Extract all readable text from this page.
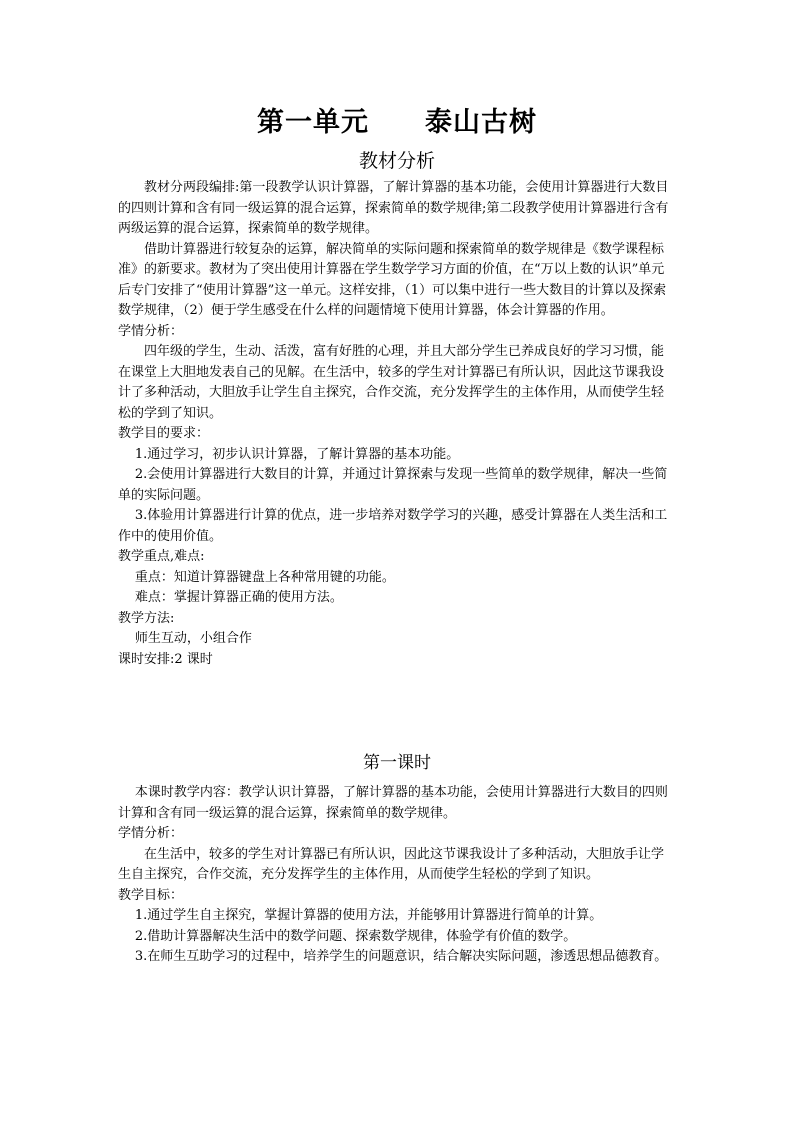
第一单元　　泰山古树
教材分析

教材分两段编排:第一段教学认识计算器，了解计算器的基本功能，会使用计算器进行大数目的四则计算和含有同一级运算的混合运算，探索简单的数学规律;第二段教学使用计算器进行含有两级运算的混合运算，探索简单的数学规律。

借助计算器进行较复杂的运算，解决简单的实际问题和探索简单的数学规律是《数学课程标准》的新要求。教材为了突出使用计算器在学生数学学习方面的价值，在“万以上数的认识”单元后专门安排了“使用计算器”这一单元。这样安排，（1）可以集中进行一些大数目的计算以及探索数学规律，（2）便于学生感受在什么样的问题情境下使用计算器，体会计算器的作用。

学情分析：

四年级的学生，生动、活泼，富有好胜的心理，并且大部分学生已养成良好的学习习惯，能在课堂上大胆地发表自己的见解。在生活中，较多的学生对计算器已有所认识，因此这节课我设计了多种活动，大胆放手让学生自主探究，合作交流，充分发挥学生的主体作用，从而使学生轻松的学到了知识。

教学目的要求：

1.通过学习，初步认识计算器，了解计算器的基本功能。

2.会使用计算器进行大数目的计算，并通过计算探索与发现一些简单的数学规律，解决一些简单的实际问题。

3.体验用计算器进行计算的优点，进一步培养对数学学习的兴趣，感受计算器在人类生活和工作中的使用价值。

教学重点,难点:

重点：知道计算器键盘上各种常用键的功能。

难点：掌握计算器正确的使用方法。

教学方法:

师生互动，小组合作

课时安排:2 课时

第一课时

本课时教学内容：教学认识计算器，了解计算器的基本功能，会使用计算器进行大数目的四则计算和含有同一级运算的混合运算，探索简单的数学规律。

学情分析：

在生活中，较多的学生对计算器已有所认识，因此这节课我设计了多种活动，大胆放手让学生自主探究，合作交流，充分发挥学生的主体作用，从而使学生轻松的学到了知识。

教学目标：

1.通过学生自主探究，掌握计算器的使用方法，并能够用计算器进行简单的计算。

2.借助计算器解决生活中的数学问题、探索数学规律，体验学有价值的数学。

3.在师生互助学习的过程中，培养学生的问题意识，结合解决实际问题，渗透思想品德教育。
